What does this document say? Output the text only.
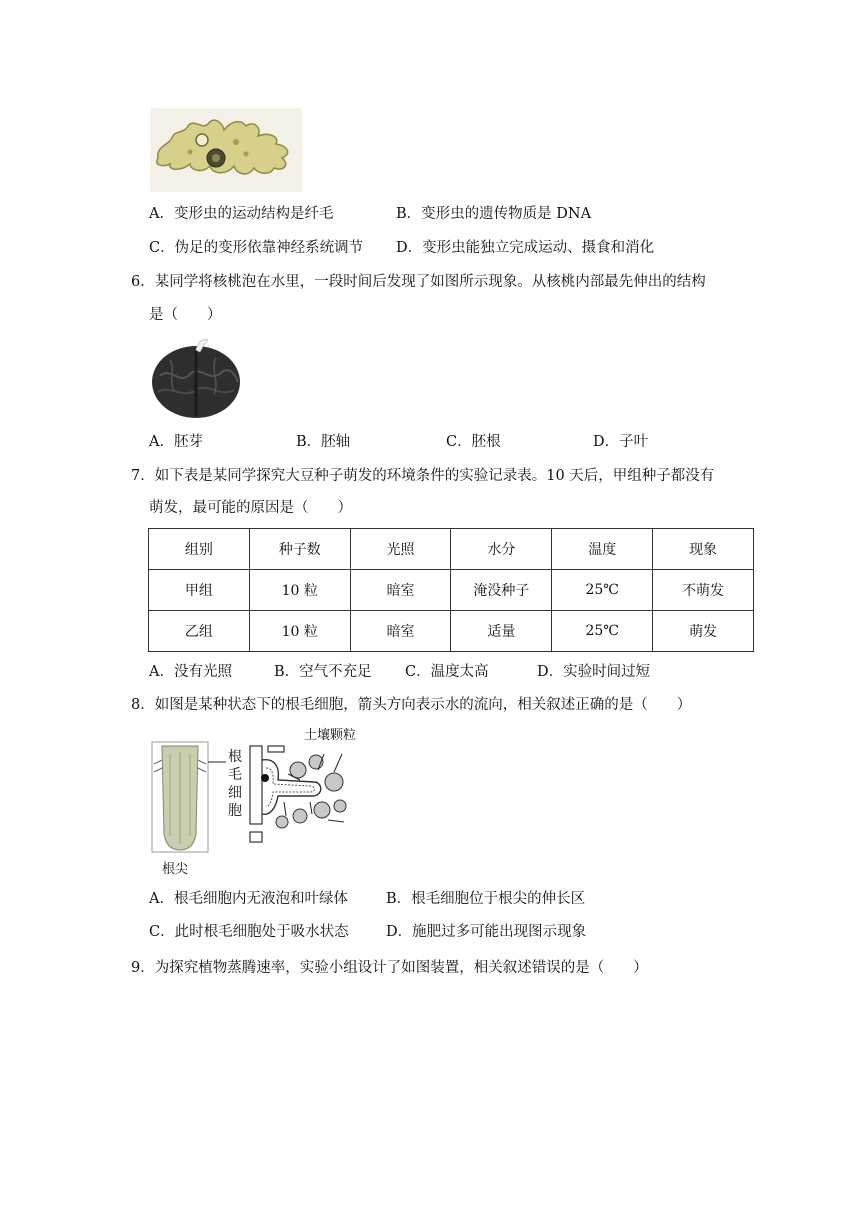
A．变形虫的运动结构是纤毛	B．变形虫的遗传物质是 DNA
C．伪足的变形依靠神经系统调节 D．变形虫能独立完成运动、摄食和消化
6．某同学将核桃泡在水里，一段时间后发现了如图所示现象。从核桃内部最先伸出的结构
是（　　）
A．胚芽	B．胚轴	C．胚根	D．子叶
7．如下表是某同学探究大豆种子萌发的环境条件的实验记录表。10 天后，甲组种子都没有
萌发，最可能的原因是（　　）
组别	种子数	光照	水分	温度	现象
甲组	10 粒	暗室	淹没种子	25℃	不萌发
乙组	10 粒	暗室	适量	25℃	萌发
A．没有光照	B．空气不充足 C．温度太高	D．实验时间过短
8．如图是某种状态下的根毛细胞，箭头方向表示水的流向，相关叙述正确的是（　　）
土壤颗粒
根
毛
细
胞
根尖
A．根毛细胞内无液泡和叶绿体	B．根毛细胞位于根尖的伸长区
C．此时根毛细胞处于吸水状态	D．施肥过多可能出现图示现象
9．为探究植物蒸腾速率，实验小组设计了如图装置，相关叙述错误的是（　　）
